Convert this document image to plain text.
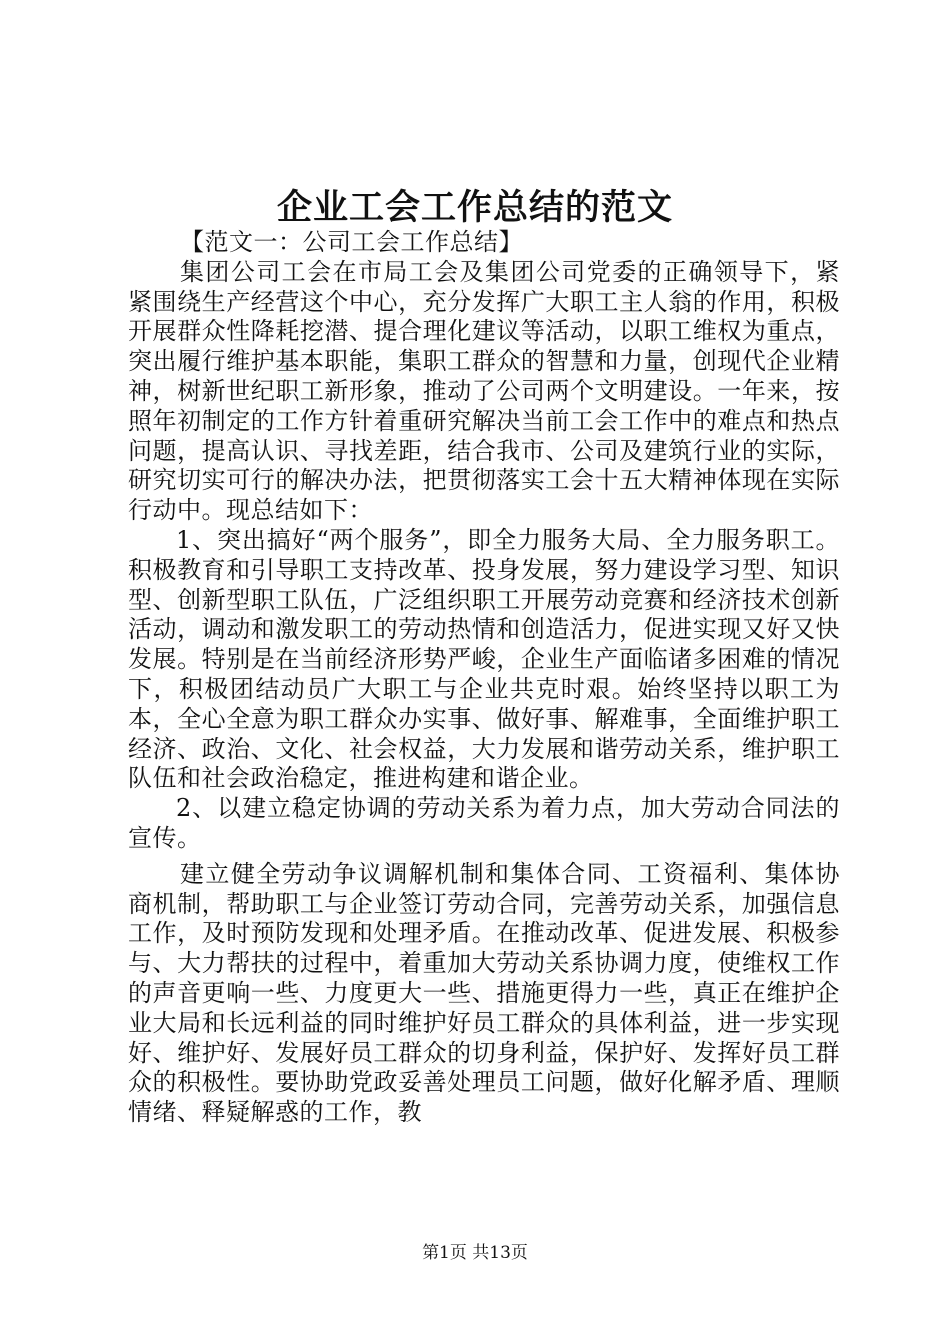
企业工会工作总结的范文

【范文一：公司工会工作总结】

集团公司工会在市局工会及集团公司党委的正确领导下，紧紧围绕生产经营这个中心，充分发挥广大职工主人翁的作用，积极开展群众性降耗挖潜、提合理化建议等活动，以职工维权为重点，突出履行维护基本职能，集职工群众的智慧和力量，创现代企业精神，树新世纪职工新形象，推动了公司两个文明建设。一年来，按照年初制定的工作方针着重研究解决当前工会工作中的难点和热点问题，提高认识、寻找差距，结合我市、公司及建筑行业的实际，研究切实可行的解决办法，把贯彻落实工会十五大精神体现在实际行动中。现总结如下：

1、突出搞好“两个服务”，即全力服务大局、全力服务职工。积极教育和引导职工支持改革、投身发展，努力建设学习型、知识型、创新型职工队伍，广泛组织职工开展劳动竞赛和经济技术创新活动，调动和激发职工的劳动热情和创造活力，促进实现又好又快发展。特别是在当前经济形势严峻，企业生产面临诸多困难的情况下，积极团结动员广大职工与企业共克时艰。始终坚持以职工为本，全心全意为职工群众办实事、做好事、解难事，全面维护职工经济、政治、文化、社会权益，大力发展和谐劳动关系，维护职工队伍和社会政治稳定，推进构建和谐企业。

2、以建立稳定协调的劳动关系为着力点，加大劳动合同法的宣传。

建立健全劳动争议调解机制和集体合同、工资福利、集体协商机制，帮助职工与企业签订劳动合同，完善劳动关系，加强信息工作，及时预防发现和处理矛盾。在推动改革、促进发展、积极参与、大力帮扶的过程中，着重加大劳动关系协调力度，使维权工作的声音更响一些、力度更大一些、措施更得力一些，真正在维护企业大局和长远利益的同时维护好员工群众的具体利益，进一步实现好、维护好、发展好员工群众的切身利益，保护好、发挥好员工群众的积极性。要协助党政妥善处理员工问题，做好化解矛盾、理顺情绪、释疑解惑的工作，教

第1页 共13页
